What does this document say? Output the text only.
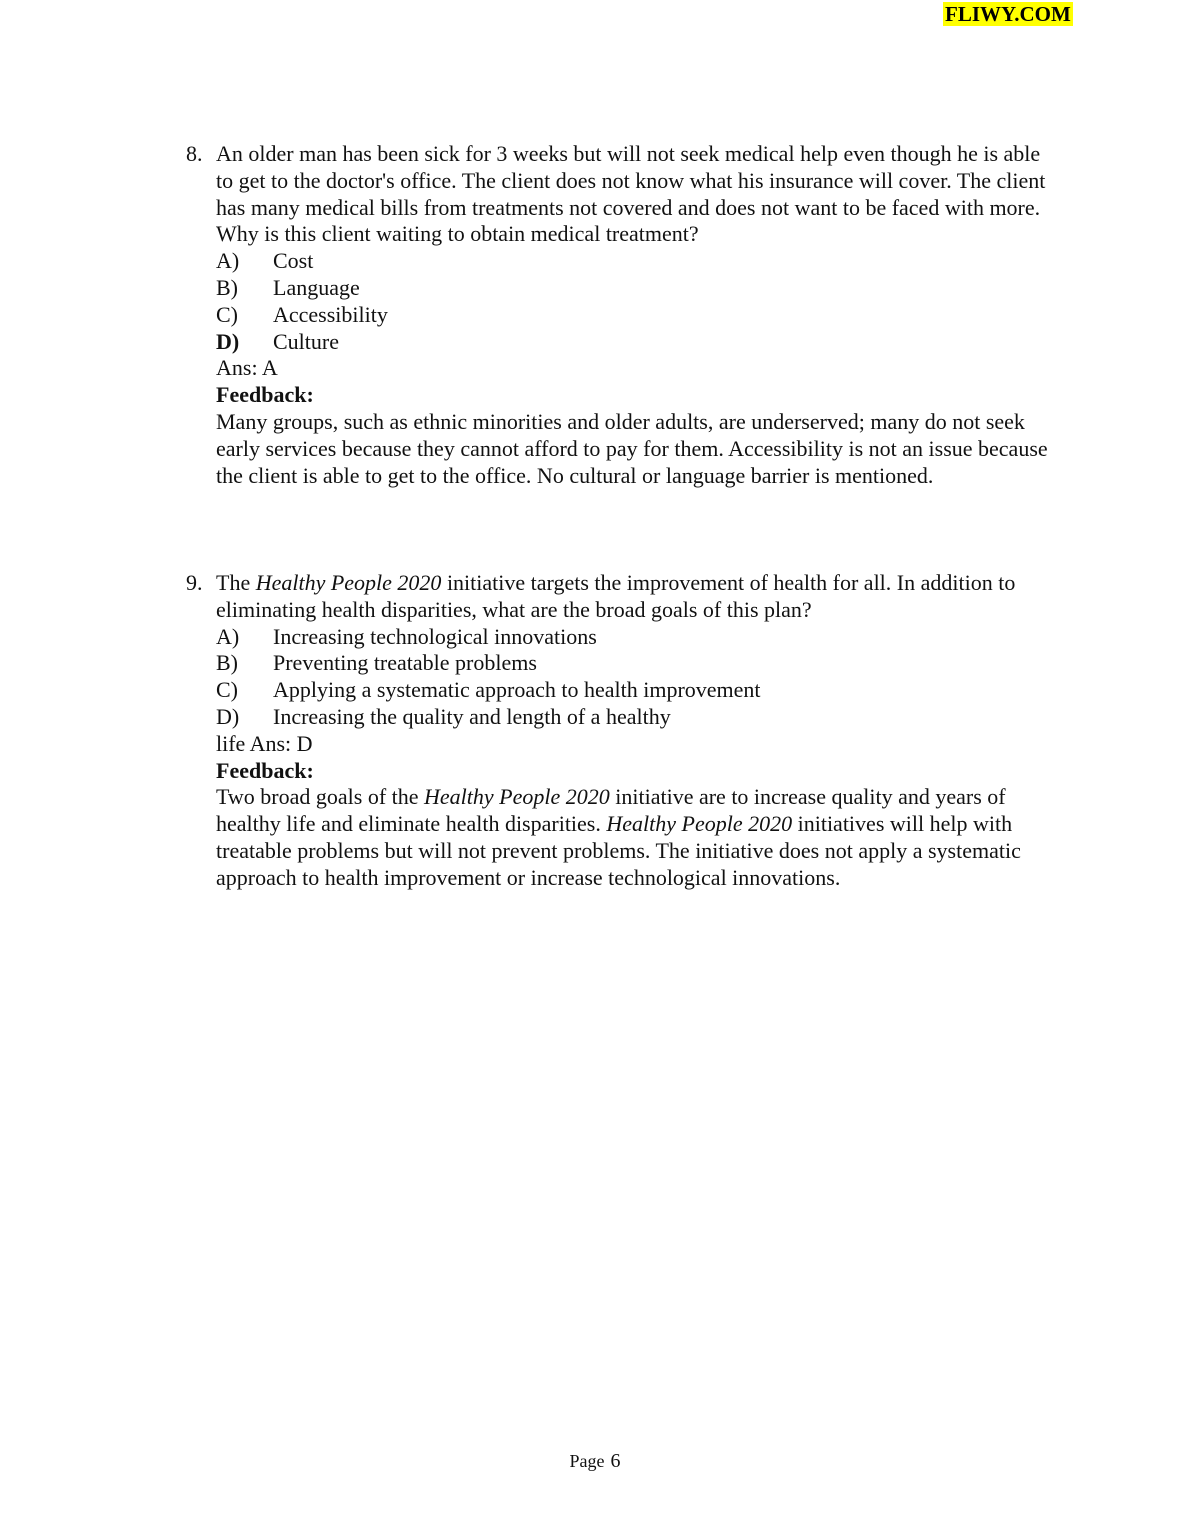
FLIWY.COM
8. An older man has been sick for 3 weeks but will not seek medical help even though he is able to get to the doctor's office. The client does not know what his insurance will cover. The client has many medical bills from treatments not covered and does not want to be faced with more. Why is this client waiting to obtain medical treatment?
A)	Cost
B)	Language
C)	Accessibility
D)	Culture
Ans: A
Feedback:
Many groups, such as ethnic minorities and older adults, are underserved; many do not seek early services because they cannot afford to pay for them. Accessibility is not an issue because the client is able to get to the office. No cultural or language barrier is mentioned.
9. The Healthy People 2020 initiative targets the improvement of health for all. In addition to eliminating health disparities, what are the broad goals of this plan?
A)	Increasing technological innovations
B)	Preventing treatable problems
C)	Applying a systematic approach to health improvement
D)	Increasing the quality and length of a healthy
life Ans: D
Feedback:
Two broad goals of the Healthy People 2020 initiative are to increase quality and years of healthy life and eliminate health disparities. Healthy People 2020 initiatives will help with treatable problems but will not prevent problems. The initiative does not apply a systematic approach to health improvement or increase technological innovations.
Page 6
